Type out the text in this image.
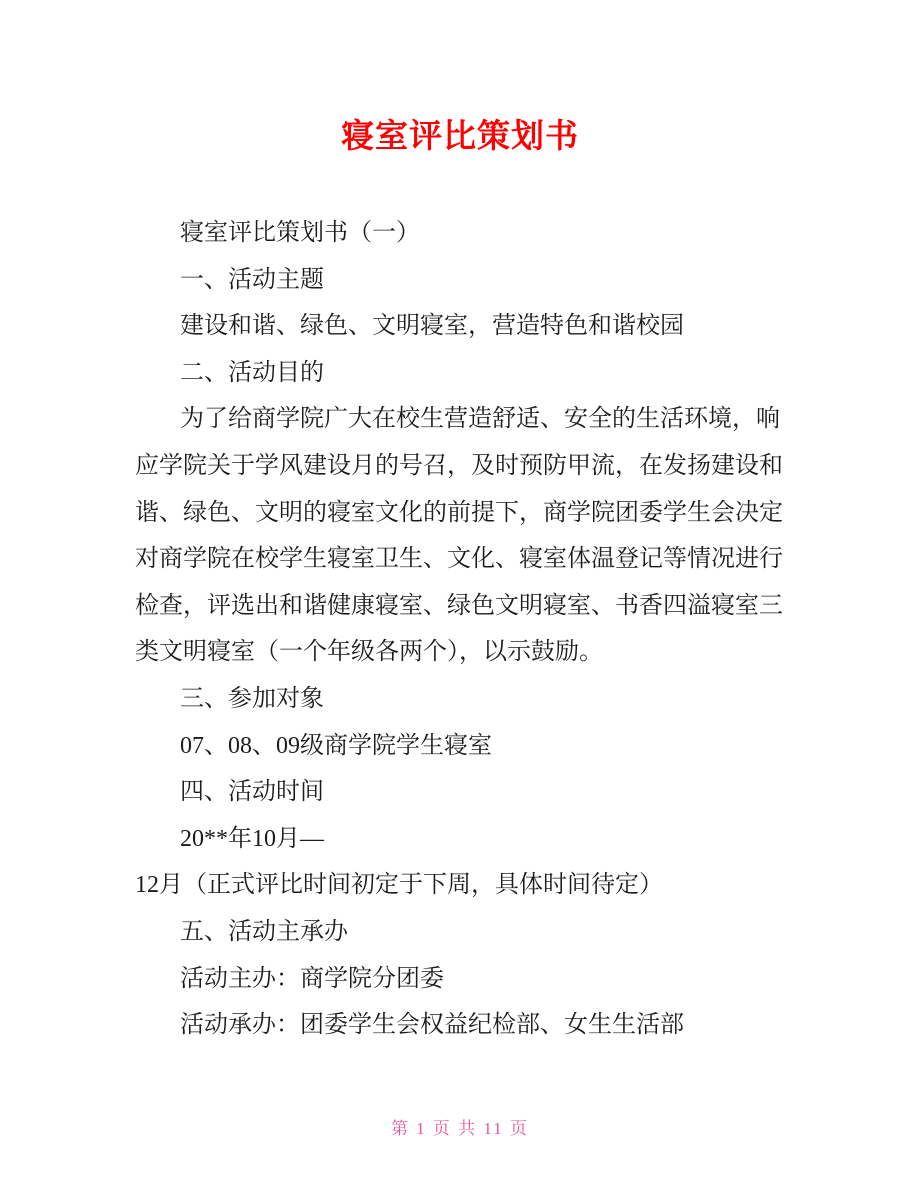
寝室评比策划书
寝室评比策划书（一）
一、活动主题
建设和谐、绿色、文明寝室，营造特色和谐校园
二、活动目的
为了给商学院广大在校生营造舒适、安全的生活环境，响
应学院关于学风建设月的号召，及时预防甲流，在发扬建设和
谐、绿色、文明的寝室文化的前提下，商学院团委学生会决定
对商学院在校学生寝室卫生、文化、寝室体温登记等情况进行
检查，评选出和谐健康寝室、绿色文明寝室、书香四溢寝室三
类文明寝室（一个年级各两个），以示鼓励。
三、参加对象
07、08、09级商学院学生寝室
四、活动时间
20**年10月—
12月（正式评比时间初定于下周，具体时间待定）
五、活动主承办
活动主办：商学院分团委
活动承办：团委学生会权益纪检部、女生生活部
第 1 页 共 11 页
